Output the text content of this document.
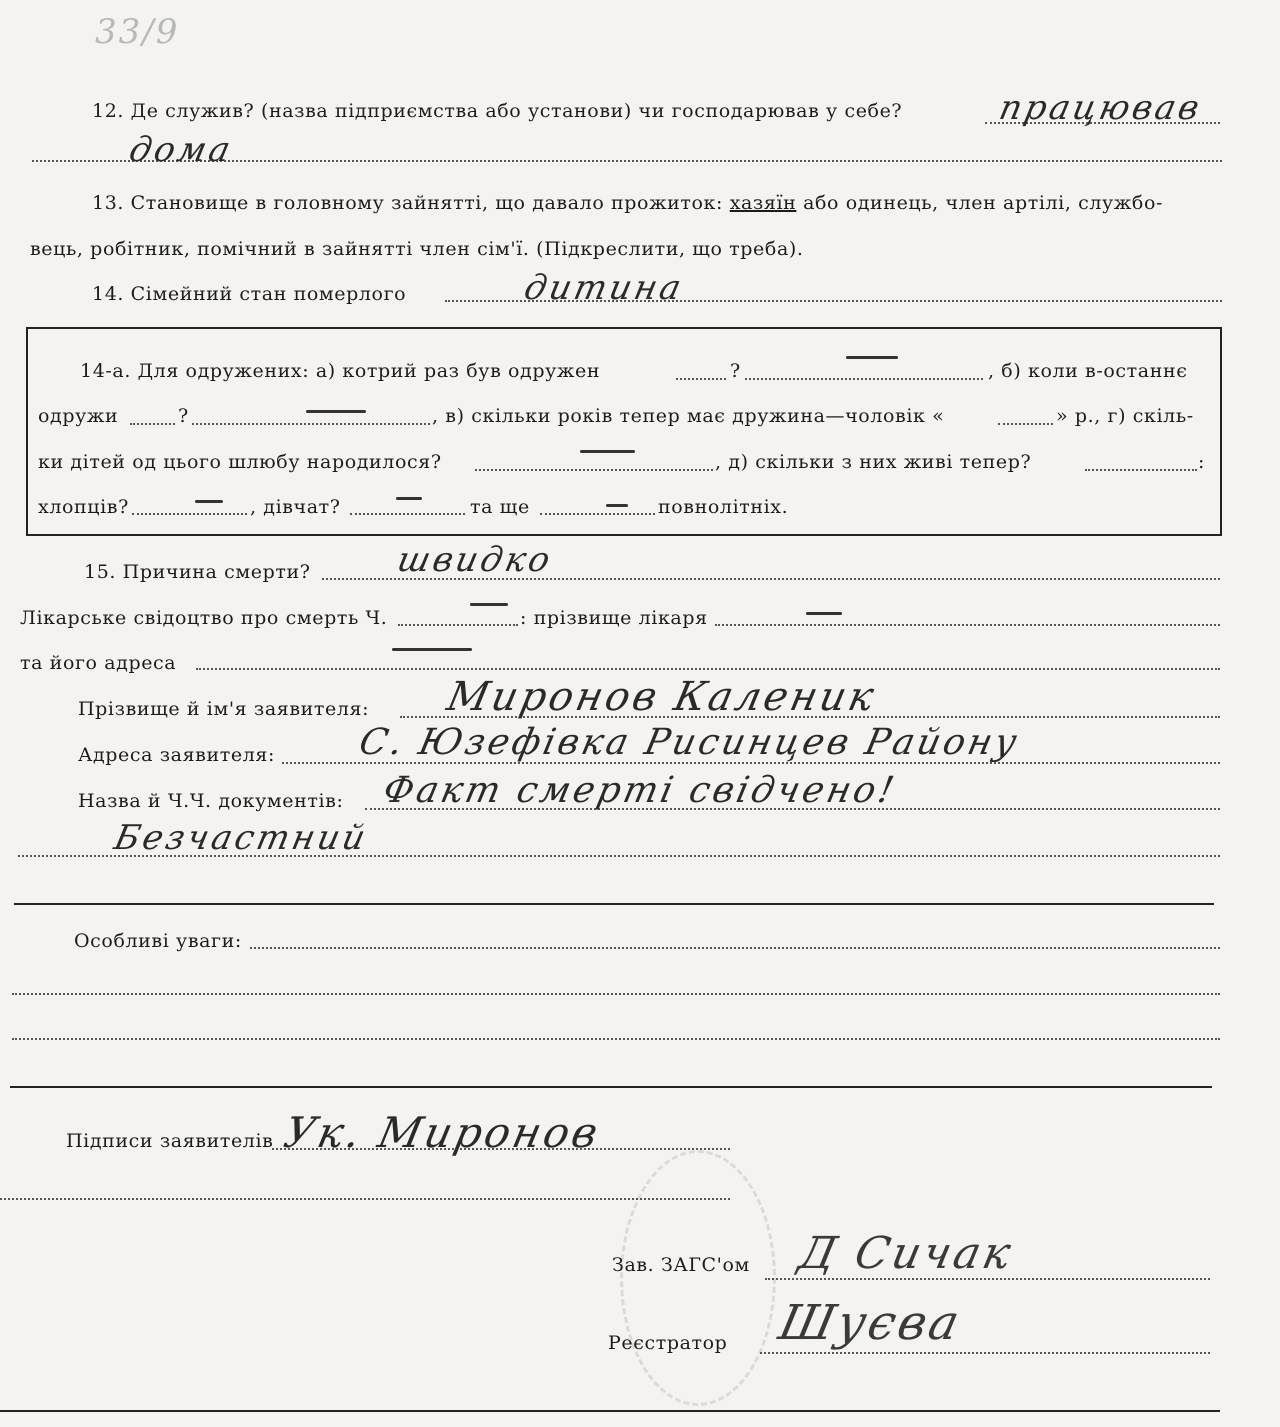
33/9
12. Де служив? (назва підприємства або установи) чи господарював у себе?	працював
дома
13. Становище в головному зайнятті, що давало прожиток: хазяїн або одинець, член артілі, службо-
вець, робітник, помічний в зайнятті член сім'ї. (Підкреслити, що треба).
14. Сімейний стан померлого	дитина
14-а. Для одружених: а) котрий раз був одружен	?	, б) коли в-останнє
одружи	?	, в) скільки років тепер має дружина—чоловік «	» р., г) скіль-
ки дітей од цього шлюбу народилося?	, д) скільки з них живі тепер?	:
хлопців?	, дівчат?	та ще	повнолітніх.
15. Причина смерти? швидко
Лікарське свідоцтво про смерть Ч.	: прізвище лікаря
та його адреса
Прізвище й ім'я заявителя: Миронов Каленик
Адреса заявителя: С. Юзефівка Рисинцев Району
Назва й Ч.Ч. документів: Факт смерті свідчено!
Безчастний
Особливі уваги:
Підписи заявителів Ук. Миронов
Зав. ЗАГС'ом Д Сичак
Реєстратор Шуєва
